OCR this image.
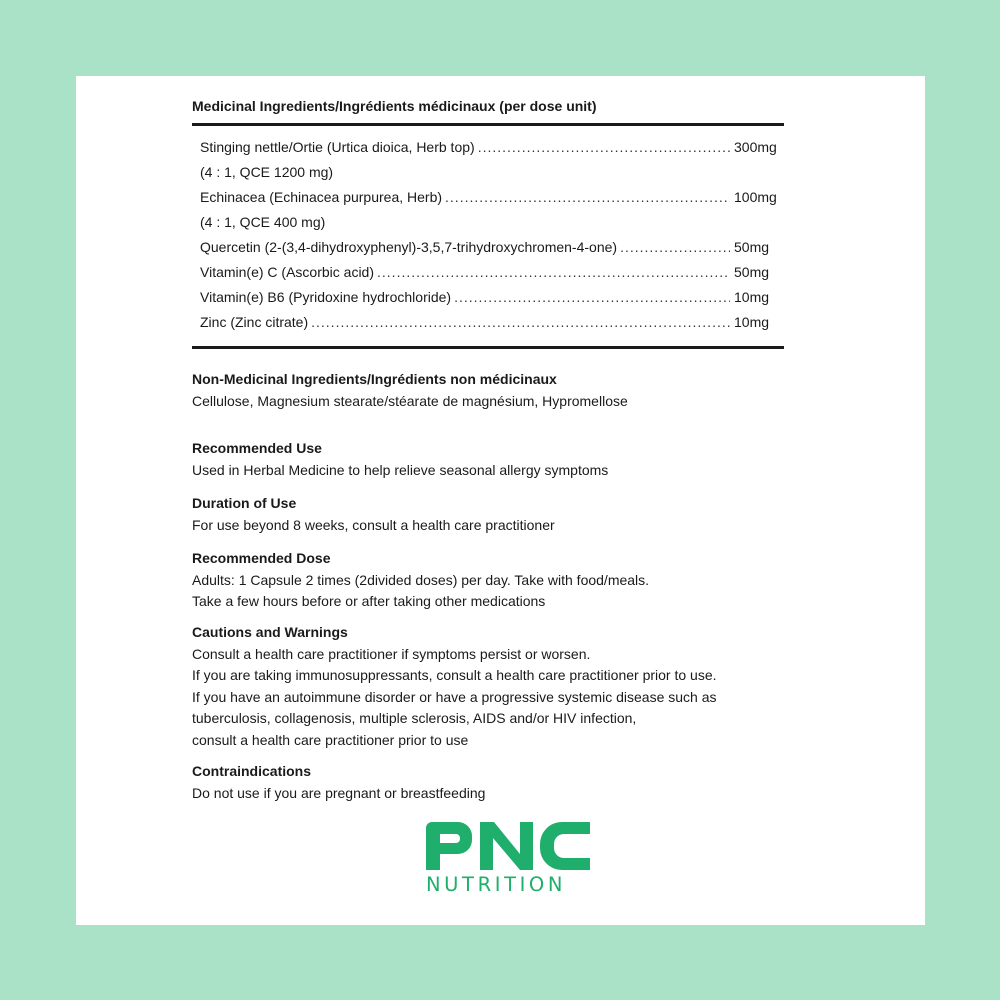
Medicinal Ingredients/Ingrédients médicinaux (per dose unit)
Stinging nettle/Ortie (Urtica dioica, Herb top) .....	300mg
(4 : 1, QCE 1200 mg)
Echinacea (Echinacea purpurea, Herb) .....	100mg
(4 : 1, QCE 400 mg)
Quercetin (2-(3,4-dihydroxyphenyl)-3,5,7-trihydroxychromen-4-one) .....	50mg
Vitamin(e) C (Ascorbic acid) .....	50mg
Vitamin(e) B6 (Pyridoxine hydrochloride) .....	10mg
Zinc (Zinc citrate) .....	10mg
Non-Medicinal Ingredients/Ingrédients non médicinaux

Cellulose, Magnesium stearate/stéarate de magnésium, Hypromellose

Recommended Use

Used in Herbal Medicine to help relieve seasonal allergy symptoms

Duration of Use

For use beyond 8 weeks, consult a health care practitioner

Recommended Dose

Adults: 1 Capsule 2 times (2divided doses) per day. Take with food/meals.

Take a few hours before or after taking other medications

Cautions and Warnings

Consult a health care practitioner if symptoms persist or worsen.

If you are taking immunosuppressants, consult a health care practitioner prior to use.

If you have an autoimmune disorder or have a progressive systemic disease such as

tuberculosis, collagenosis, multiple sclerosis, AIDS and/or HIV infection,

consult a health care practitioner prior to use

Contraindications

Do not use if you are pregnant or breastfeeding

NUTRITION
